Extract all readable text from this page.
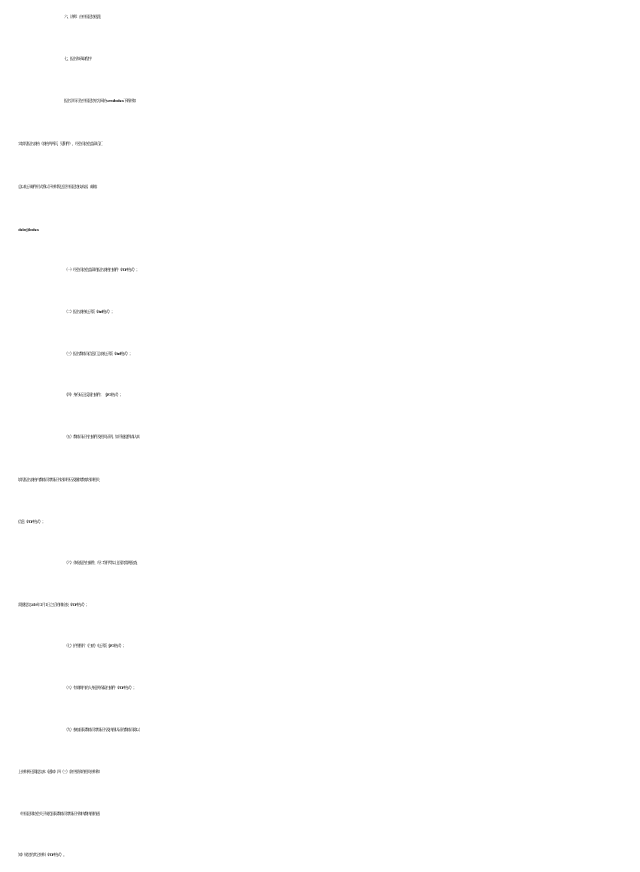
六、讲师：由中国足协选派
七、报名和录取程序
报名学员可在中国足协官方网站 www.thecfa.cn 下载并如
实填写报名表格（表格共两页，见附件），经会员协会盖章后汇
总以电子邮件形式将以下材料发送至中国足协技术部，邮箱：
cfadce@thecfa.cn
（一）经会员协会盖章的报名表格扫描件（PDF 格式）；
（二）报名表格电子版（Exel 格式）；
（三）报名教练员信息汇总表电子版（Exel 格式）；
（四）身份证正反面扫描件；（JPG 格式）；
（五）教练员证书扫描件及相关证明。如不能提供请认真
填写报名表格内教练员等级证书培训经历及继续教育培训相关
信息（PDF 格式）；
（六） 体检报告扫描件，经二级甲等以上医院常规检查，
需要提交 2019 年 1 月 1 日之后的体检表（PDF 格式）；
（七）护照照片（白底）电子版（JPG 格式）；
（八）有效期内的人身意外保险扫描件（PDF 格式）；
（九）参加国际教练员等级证书及执照认证的教练员除以
上材料外还需提交本《通知》四（三）款中要求的相关材料和
《中国足球协会关于规范国际教练员等级证书和执教执照的通
知》规定的其它材料（PDF 格式）。
